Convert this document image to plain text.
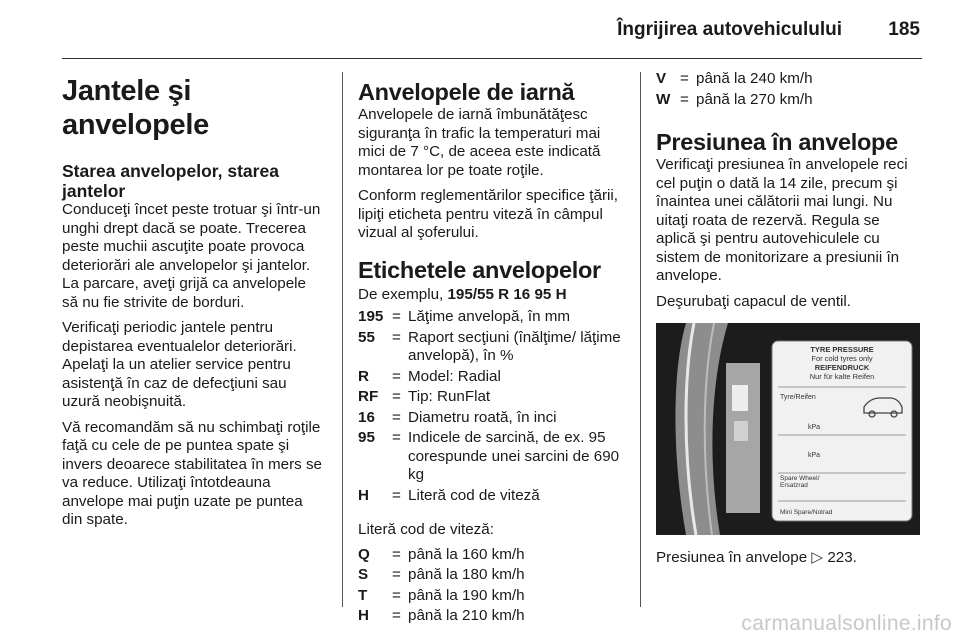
Îngrijirea autovehiculului 185
Jantele şi anvelopele
Starea anvelopelor, starea jantelor

Conduceţi încet peste trotuar şi într-un unghi drept dacă se poate. Trecerea peste muchii ascuţite poate provoca deteriorări ale anvelopelor şi jantelor. La parcare, aveţi grijă ca anvelopele să nu fie strivite de borduri.

Verificaţi periodic jantele pentru depistarea eventualelor deteriorări. Apelaţi la un atelier service pentru asistenţă în caz de defecţiuni sau uzură neobişnuită.

Vă recomandăm să nu schimbaţi roţile faţă cu cele de pe puntea spate şi invers deoarece stabilitatea în mers se va reduce. Utilizaţi întotdeauna anvelope mai puţin uzate pe puntea din spate.

Anvelopele de iarnă

Anvelopele de iarnă îmbunătăţesc siguranţa în trafic la temperaturi mai mici de 7 °C, de aceea este indicată montarea lor pe toate roţile.

Conform reglementărilor specifice ţării, lipiţi eticheta pentru viteză în câmpul vizual al şoferului.

Etichetele anvelopelor

De exemplu, 195/55 R 16 95 H

195 = Lăţime anvelopă, în mm
55	= Raport secţiuni (înălţime/ lăţime anvelopă), în %
R	= Model: Radial
RF = Tip: RunFlat
16	= Diametru roată, în inci
95	= Indicele de sarcină, de ex. 95 corespunde unei sarcini de 690 kg
H	= Literă cod de viteză

Literă cod de viteză:

Q	= până la 160 km/h
S	= până la 180 km/h
T	= până la 190 km/h
H	= până la 210 km/h
V = până la 240 km/h
W = până la 270 km/h
Presiunea în anvelope

Verificaţi presiunea în anvelopele reci cel puţin o dată la 14 zile, precum şi înaintea unei călătorii mai lungi. Nu uitaţi roata de rezervă. Regula se aplică şi pentru autovehiculele cu sistem de monitorizare a presiunii în anvelope.

Deşurubaţi capacul de ventil.

TYRE PRESSURE
For cold tyres only
REIFENDRUCK
Nur für kalte Reifen
Tyre/Reifen
kPa
kPa
Spare Wheel/ Ersatzrad
Mini Spare/Notrad

Presiunea în anvelope ▷ 223.

carmanualsonline.info
